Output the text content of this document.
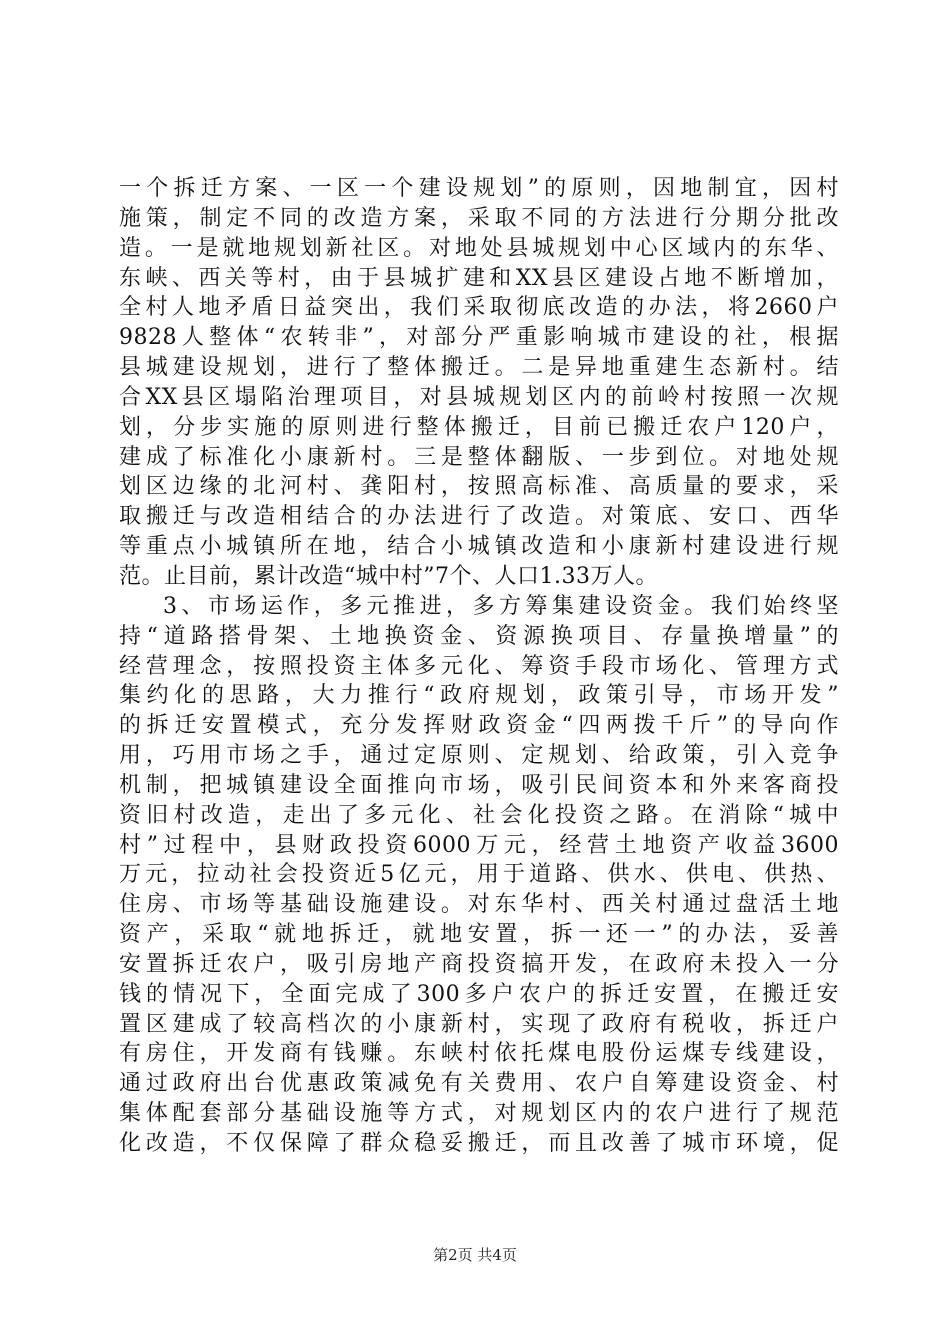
一个拆迁方案、一区一个建设规划”的原则，因地制宜，因村
施策，制定不同的改造方案，采取不同的方法进行分期分批改
造。一是就地规划新社区。对地处县城规划中心区域内的东华、
东峡、西关等村，由于县城扩建和XX县区建设占地不断增加，
全村人地矛盾日益突出，我们采取彻底改造的办法，将2660户
9828人整体“农转非”，对部分严重影响城市建设的社，根据
县城建设规划，进行了整体搬迁。二是异地重建生态新村。结
合XX县区塌陷治理项目，对县城规划区内的前岭村按照一次规
划，分步实施的原则进行整体搬迁，目前已搬迁农户120户，
建成了标准化小康新村。三是整体翻版、一步到位。对地处规
划区边缘的北河村、龚阳村，按照高标准、高质量的要求，采
取搬迁与改造相结合的办法进行了改造。对策底、安口、西华
等重点小城镇所在地，结合小城镇改造和小康新村建设进行规
范。止目前，累计改造“城中村”7个、人口1.33万人。
3、市场运作，多元推进，多方筹集建设资金。我们始终坚
持“道路搭骨架、土地换资金、资源换项目、存量换增量”的
经营理念，按照投资主体多元化、筹资手段市场化、管理方式
集约化的思路，大力推行“政府规划，政策引导，市场开发”
的拆迁安置模式，充分发挥财政资金“四两拨千斤”的导向作
用，巧用市场之手，通过定原则、定规划、给政策，引入竞争
机制，把城镇建设全面推向市场，吸引民间资本和外来客商投
资旧村改造，走出了多元化、社会化投资之路。在消除“城中
村”过程中，县财政投资6000万元，经营土地资产收益3600
万元，拉动社会投资近5亿元，用于道路、供水、供电、供热、
住房、市场等基础设施建设。对东华村、西关村通过盘活土地
资产，采取“就地拆迁，就地安置，拆一还一”的办法，妥善
安置拆迁农户，吸引房地产商投资搞开发，在政府未投入一分
钱的情况下，全面完成了300多户农户的拆迁安置，在搬迁安
置区建成了较高档次的小康新村，实现了政府有税收，拆迁户
有房住，开发商有钱赚。东峡村依托煤电股份运煤专线建设，
通过政府出台优惠政策减免有关费用、农户自筹建设资金、村
集体配套部分基础设施等方式，对规划区内的农户进行了规范
化改造，不仅保障了群众稳妥搬迁，而且改善了城市环境，促
第2页 共4页
